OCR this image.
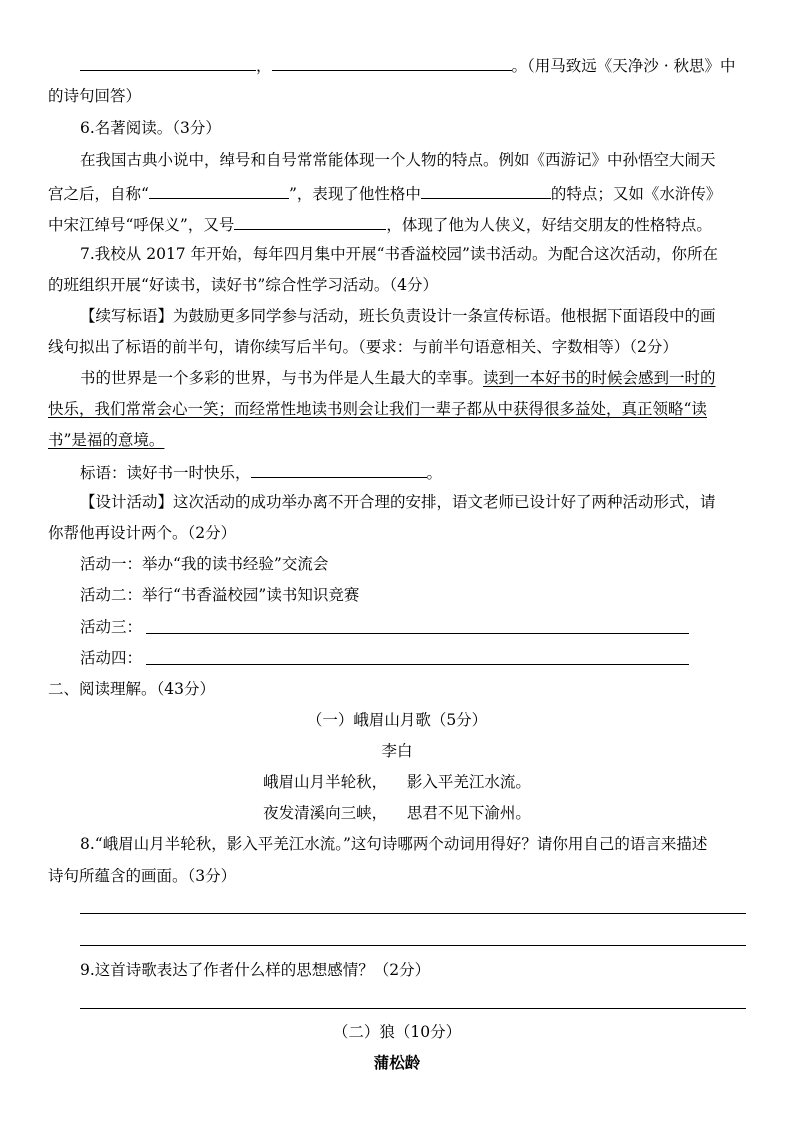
，	。（用马致远《天净沙 · 秋思》中
的诗句回答）
6.名著阅读。（3分）
在我国古典小说中，绰号和自号常常能体现一个人物的特点。例如《西游记》中孙悟空大闹天
宫之后，自称“	”，表现了他性格中	的特点；又如《水浒传》
中宋江绰号“呼保义”，又号	，体现了他为人侠义，好结交朋友的性格特点。
7.我校从 2017 年开始，每年四月集中开展“书香溢校园”读书活动。为配合这次活动，你所在
的班组织开展“好读书，读好书”综合性学习活动。（4分）
【续写标语】为鼓励更多同学参与活动，班长负责设计一条宣传标语。他根据下面语段中的画
线句拟出了标语的前半句，请你续写后半句。（要求：与前半句语意相关、字数相等）（2分）
书的世界是一个多彩的世界，与书为伴是人生最大的幸事。读到一本好书的时候会感到一时的
快乐，我们常常会心一笑；而经常性地读书则会让我们一辈子都从中获得很多益处，真正领略“读
书”是福的意境。
标语：读好书一时快乐，	。
【设计活动】这次活动的成功举办离不开合理的安排，语文老师已设计好了两种活动形式，请
你帮他再设计两个。（2分）
活动一：举办“我的读书经验”交流会
活动二：举行“书香溢校园”读书知识竞赛
活动三：
活动四：
二、阅读理解。（43分）
（一）峨眉山月歌（5分）
李白
峨眉山月半轮秋，    影入平羌江水流。
夜发清溪向三峡，    思君不见下渝州。
8.“峨眉山月半轮秋，影入平羌江水流。”这句诗哪两个动词用得好？请你用自己的语言来描述
诗句所蕴含的画面。（3分）
9.这首诗歌表达了作者什么样的思想感情？（2分）
（二）狼（10分）
蒲松龄
